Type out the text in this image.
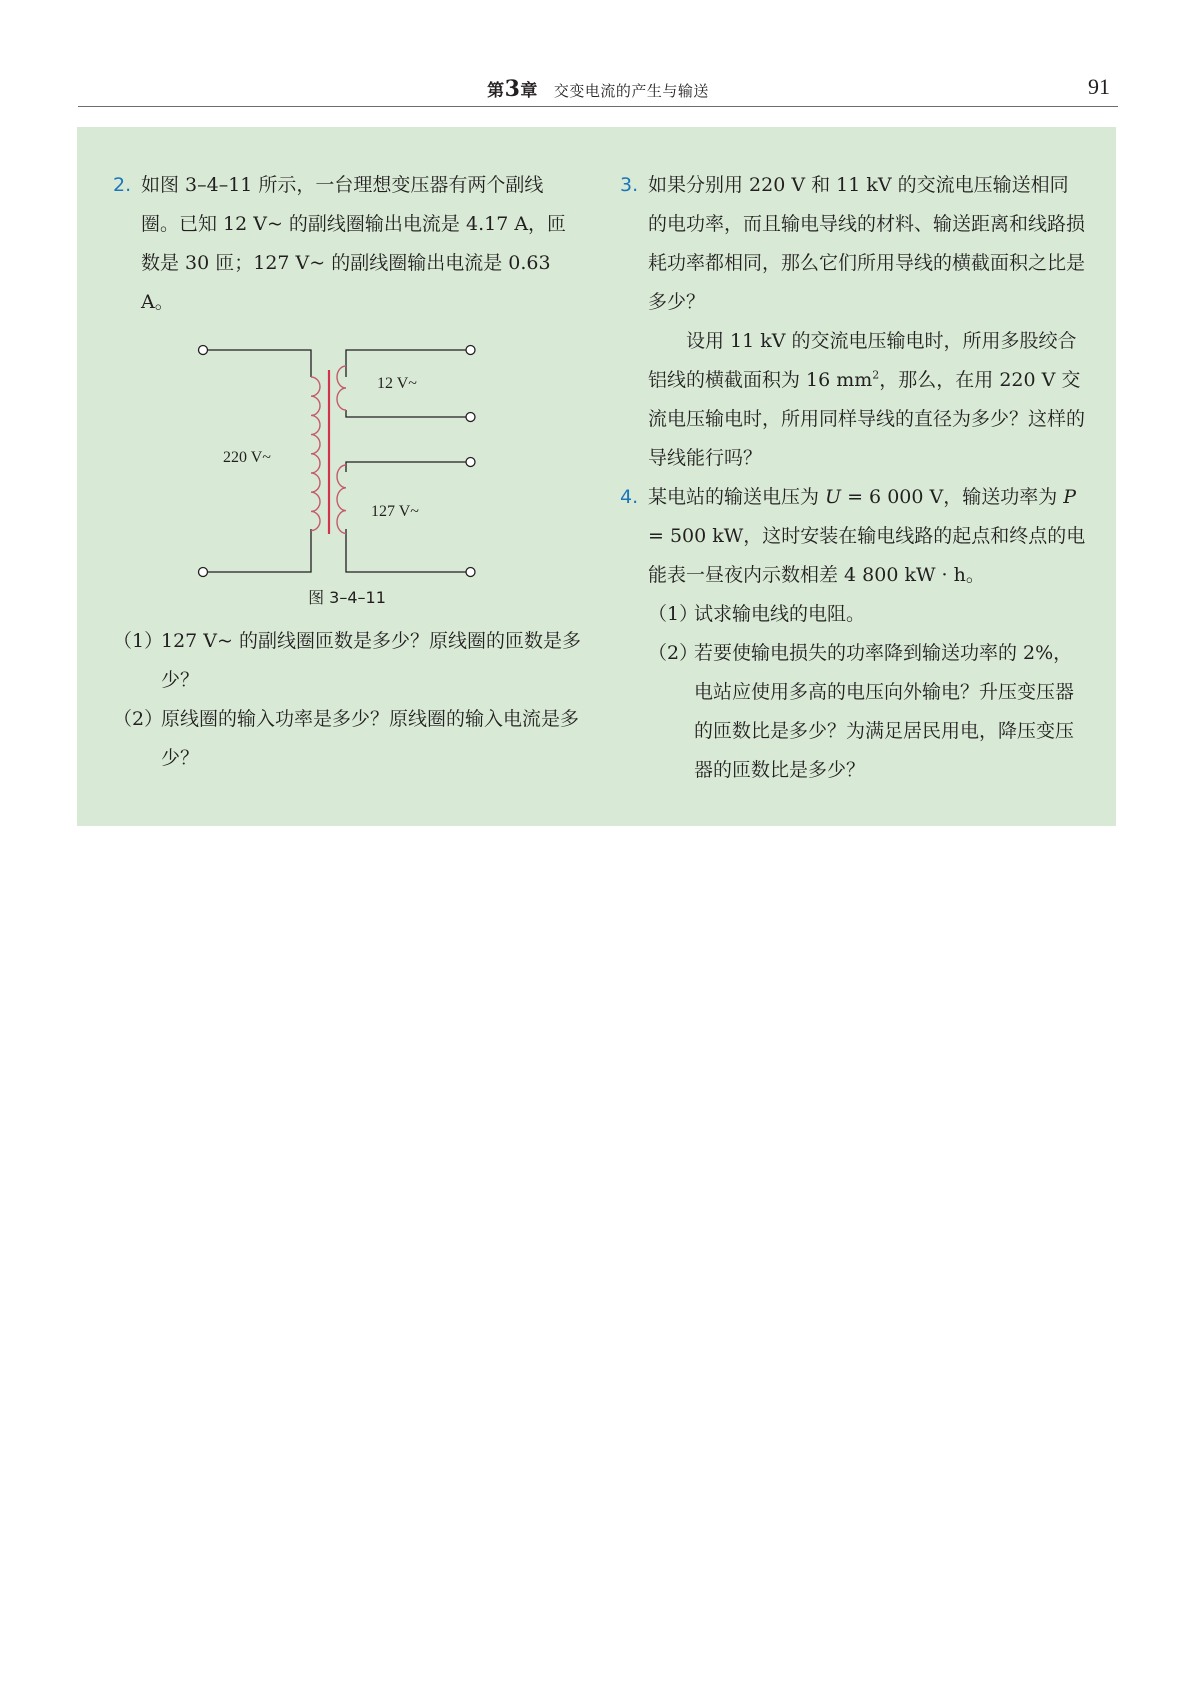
第3章 交变电流的产生与输送	91
2. 如图 3–4–11 所示，一台理想变压器有两个副线圈。已知 12 V~ 的副线圈输出电流是 4.17 A，匝数是 30 匝；127 V~ 的副线圈输出电流是 0.63 A。
220 V~
12 V~
127 V~
图 3–4–11
（1）
127 V~ 的副线圈匝数是多少？原线圈的匝数是多少？
（2）
原线圈的输入功率是多少？原线圈的输入电流是多少？
3. 如果分别用 220 V 和 11 kV 的交流电压输送相同的电功率，而且输电导线的材料、输送距离和线路损耗功率都相同，那么它们所用导线的横截面积之比是多少？
设用 11 kV 的交流电压输电时，所用多股绞合铝线的横截面积为 16 $mm^2$，那么，在用 220 V 交流电压输电时，所用同样导线的直径为多少？这样的导线能行吗？
4. 某电站的输送电压为 U = 6 000 V，输送功率为 P = 500 kW，这时安装在输电线路的起点和终点的电能表一昼夜内示数相差 4 800 kW · h。
（1）
试求输电线的电阻。
（2）
若要使输电损失的功率降到输送功率的 2%，电站应使用多高的电压向外输电？升压变压器的匝数比是多少？为满足居民用电，降压变压器的匝数比是多少？
